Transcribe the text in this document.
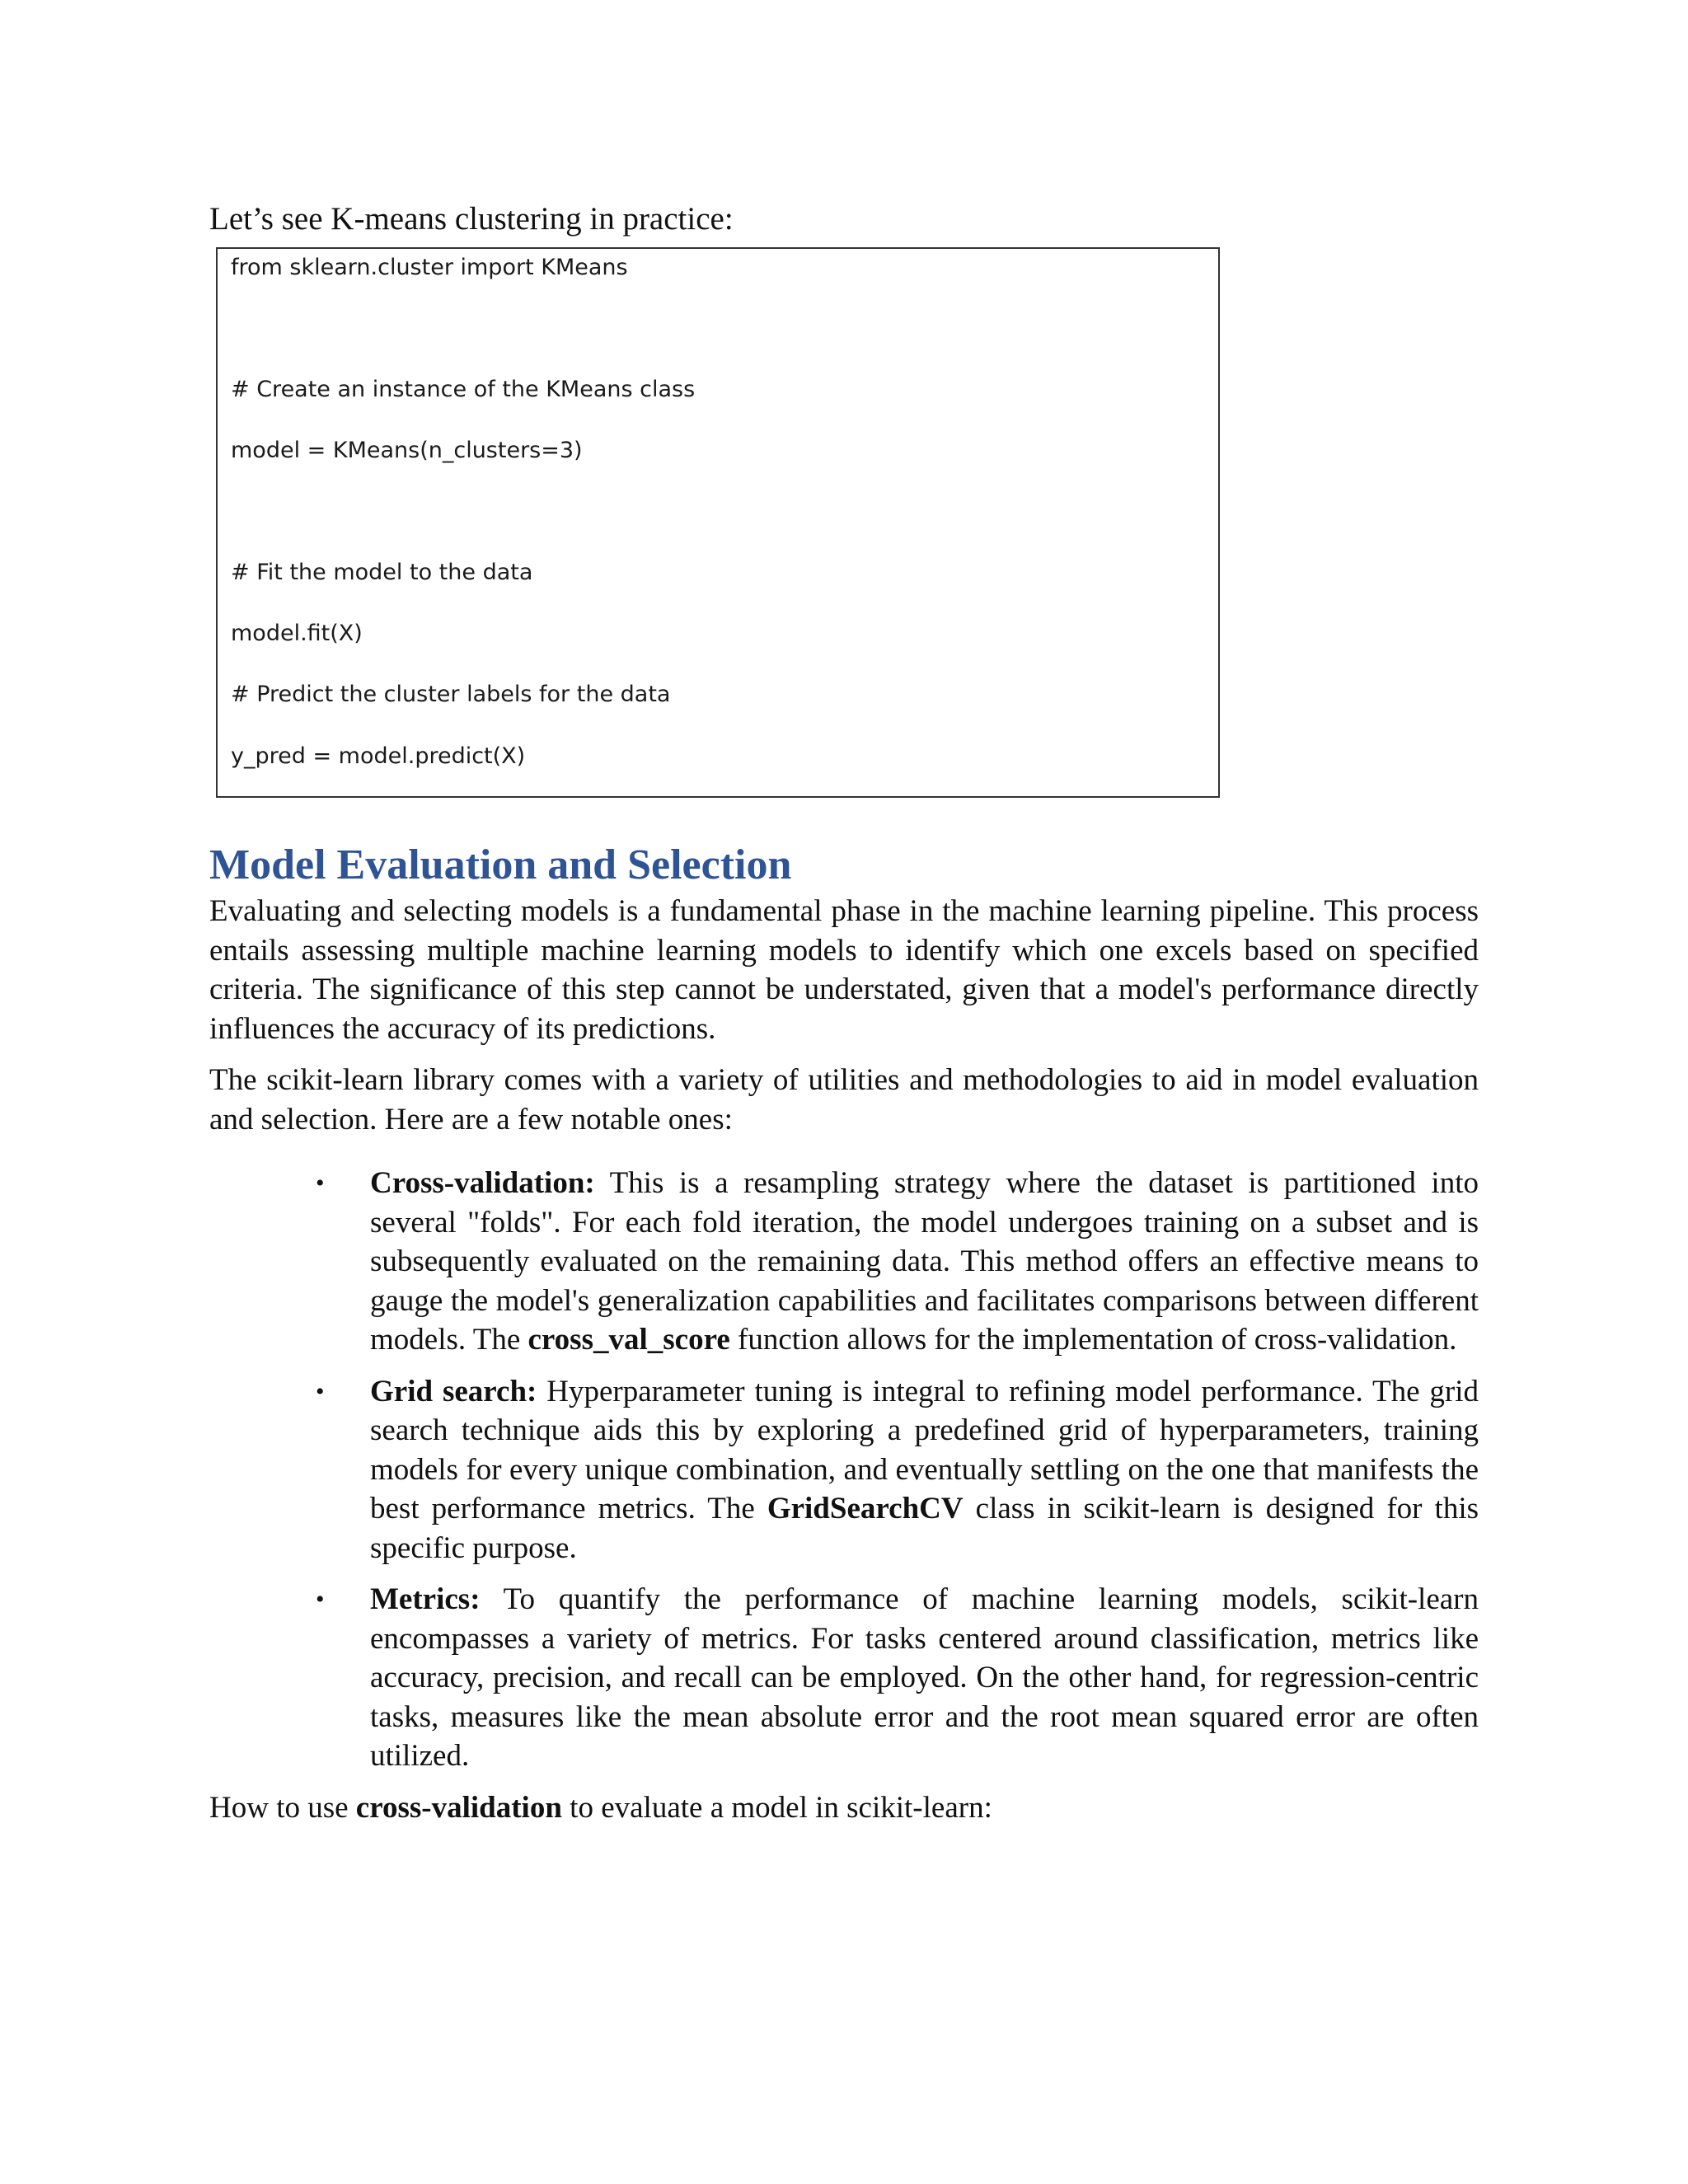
Let’s see K-means clustering in practice:

from sklearn.cluster import KMeans
# Create an instance of the KMeans class
model = KMeans(n_clusters=3)
# Fit the model to the data
model.fit(X)
# Predict the cluster labels for the data
y_pred = model.predict(X)
Model Evaluation and Selection

Evaluating and selecting models is a fundamental phase in the machine learning pipeline. This process entails assessing multiple machine learning models to identify which one excels based on specified criteria. The significance of this step cannot be understated, given that a model's performance directly influences the accuracy of its predictions.

The scikit-learn library comes with a variety of utilities and methodologies to aid in model evaluation and selection. Here are a few notable ones:

• Cross-validation: This is a resampling strategy where the dataset is partitioned into several "folds". For each fold iteration, the model undergoes training on a subset and is subsequently evaluated on the remaining data. This method offers an effective means to gauge the model's generalization capabilities and facilitates comparisons between different models. The cross_val_score function allows for the implementation of cross-validation.
• Grid search: Hyperparameter tuning is integral to refining model performance. The grid search technique aids this by exploring a predefined grid of hyperparameters, training models for every unique combination, and eventually settling on the one that manifests the best performance metrics. The GridSearchCV class in scikit-learn is designed for this specific purpose.
• Metrics: To quantify the performance of machine learning models, scikit-learn encompasses a variety of metrics. For tasks centered around classification, metrics like accuracy, precision, and recall can be employed. On the other hand, for regression-centric tasks, measures like the mean absolute error and the root mean squared error are often utilized.

How to use cross-validation to evaluate a model in scikit-learn:
